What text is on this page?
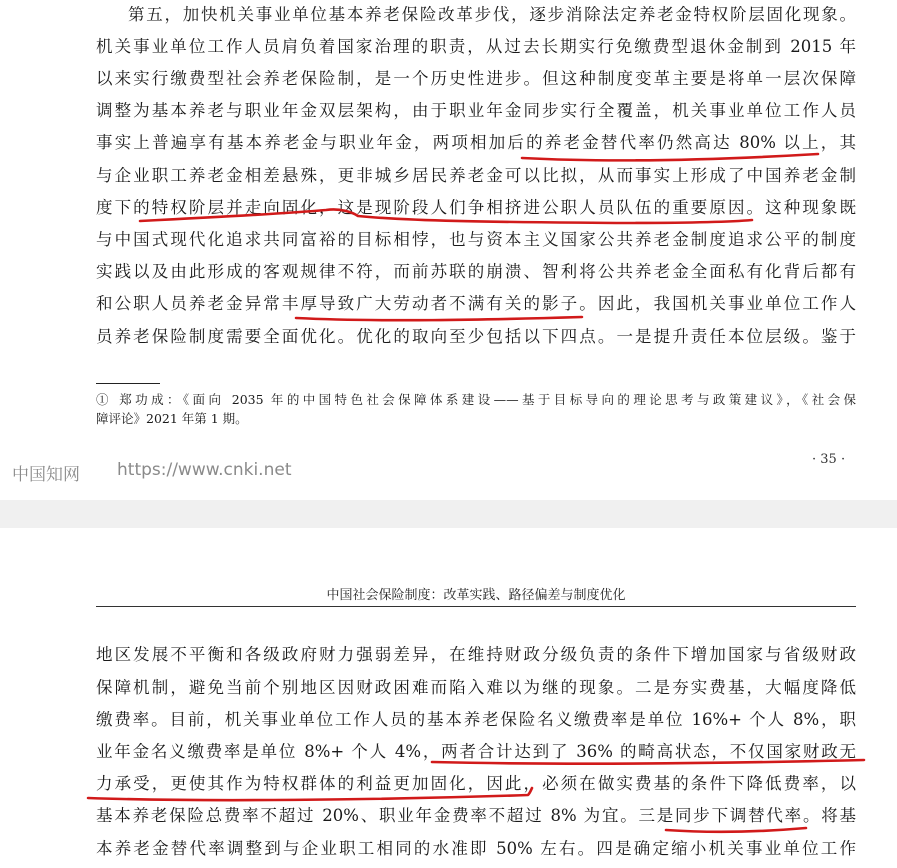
第五，加快机关事业单位基本养老保险改革步伐，逐步消除法定养老金特权阶层固化现象。
机关事业单位工作人员肩负着国家治理的职责，从过去长期实行免缴费型退休金制到 2015 年
以来实行缴费型社会养老保险制，是一个历史性进步。但这种制度变革主要是将单一层次保障
调整为基本养老与职业年金双层架构，由于职业年金同步实行全覆盖，机关事业单位工作人员
事实上普遍享有基本养老金与职业年金，两项相加后的养老金替代率仍然高达 80% 以上，其
与企业职工养老金相差悬殊，更非城乡居民养老金可以比拟，从而事实上形成了中国养老金制
度下的特权阶层并走向固化，这是现阶段人们争相挤进公职人员队伍的重要原因。这种现象既
与中国式现代化追求共同富裕的目标相悖，也与资本主义国家公共养老金制度追求公平的制度
实践以及由此形成的客观规律不符，而前苏联的崩溃、智利将公共养老金全面私有化背后都有
和公职人员养老金异常丰厚导致广大劳动者不满有关的影子。因此，我国机关事业单位工作人
员养老保险制度需要全面优化。优化的取向至少包括以下四点。一是提升责任本位层级。鉴于
① 郑功成：《面向 2035 年的中国特色社会保障体系建设——基于目标导向的理论思考与政策建议》，《社会保
障评论》2021 年第 1 期。
中国知网 https://www.cnki.net
· 35 ·
中国社会保险制度：改革实践、路径偏差与制度优化
地区发展不平衡和各级政府财力强弱差异，在维持财政分级负责的条件下增加国家与省级财政
保障机制，避免当前个别地区因财政困难而陷入难以为继的现象。二是夯实费基，大幅度降低
缴费率。目前，机关事业单位工作人员的基本养老保险名义缴费率是单位 16%+ 个人 8%，职
业年金名义缴费率是单位 8%+ 个人 4%，两者合计达到了 36% 的畸高状态，不仅国家财政无
力承受，更使其作为特权群体的利益更加固化，因此，必须在做实费基的条件下降低费率，以
基本养老保险总费率不超过 20%、职业年金费率不超过 8% 为宜。三是同步下调替代率。将基
本养老金替代率调整到与企业职工相同的水准即 50% 左右。四是确定缩小机关事业单位工作
